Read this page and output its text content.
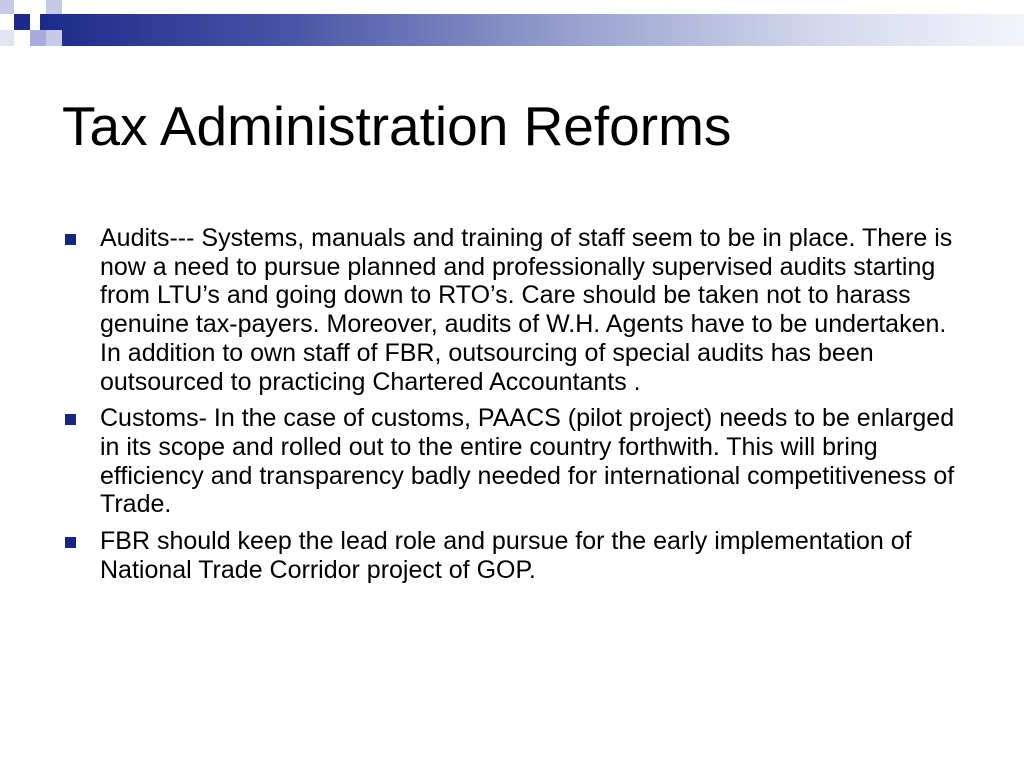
Tax Administration Reforms
Audits--- Systems, manuals and training of staff seem to be in place. There is now a need to pursue planned and professionally supervised audits starting from LTU’s and going down to RTO’s. Care should be taken not to harass genuine tax-payers. Moreover, audits of W.H. Agents have to be undertaken. In addition to own staff of FBR, outsourcing of special audits has been outsourced to practicing Chartered Accountants .
Customs- In the case of customs, PAACS (pilot project) needs to be enlarged in its scope and rolled out to the entire country forthwith. This will bring efficiency and transparency badly needed for international competitiveness of Trade.
FBR should keep the lead role and pursue for the early implementation of National Trade Corridor project of GOP.
